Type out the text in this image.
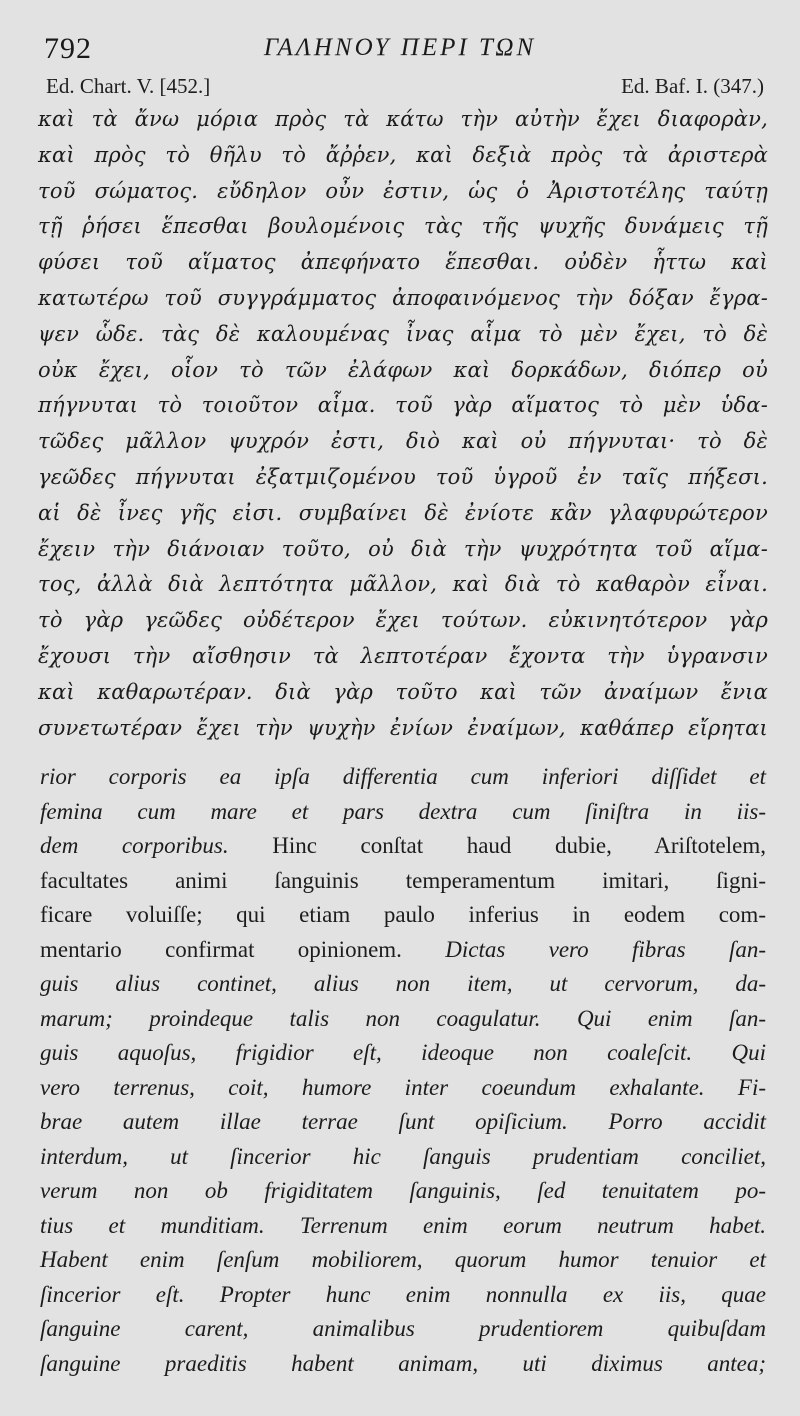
792	ΓΑΛΗΝΟΥ ΠΕΡΙ ΤΩΝ
Ed. Chart. V. [452.]	Ed. Baf. I. (347.)
καὶ τὰ ἄνω μόρια πρὸς τὰ κάτω τὴν αὐτὴν ἔχει διαφορὰν,
καὶ πρὸς τὸ θῆλυ τὸ ἄῤῥεν, καὶ δεξιὰ πρὸς τὰ ἀριστερὰ
τοῦ σώματος. εὔδηλον οὖν ἐστιν, ὡς ὁ Ἀριστοτέλης ταύτῃ
τῇ ῥήσει ἕπεσθαι βουλομένοις τὰς τῆς ψυχῆς δυνάμεις τῇ
φύσει τοῦ αἵματος ἀπεφήνατο ἕπεσθαι. οὐδὲν ἧττω καὶ
κατωτέρω τοῦ συγγράμματος ἀποφαινόμενος τὴν δόξαν ἔγρα-
ψεν ὧδε. τὰς δὲ καλουμένας ἶνας αἷμα τὸ μὲν ἔχει, τὸ δὲ
οὐκ ἔχει, οἷον τὸ τῶν ἐλάφων καὶ δορκάδων, διόπερ οὐ
πήγνυται τὸ τοιοῦτον αἷμα. τοῦ γὰρ αἵματος τὸ μὲν ὑδα-
τῶδες μᾶλλον ψυχρόν ἐστι, διὸ καὶ οὐ πήγνυται· τὸ δὲ
γεῶδες πήγνυται ἐξατμιζομένου τοῦ ὑγροῦ ἐν ταῖς πήξεσι.
αἱ δὲ ἶνες γῆς εἰσι. συμβαίνει δὲ ἐνίοτε κἂν γλαφυρώτερον
ἔχειν τὴν διάνοιαν τοῦτο, οὐ διὰ τὴν ψυχρότητα τοῦ αἵμα-
τος, ἀλλὰ διὰ λεπτότητα μᾶλλον, καὶ διὰ τὸ καθαρὸν εἶναι.
τὸ γὰρ γεῶδες οὐδέτερον ἔχει τούτων. εὐκινητότερον γὰρ
ἔχουσι τὴν αἴσθησιν τὰ λεπτοτέραν ἔχοντα τὴν ὑγρανσιν
καὶ καθαρωτέραν. διὰ γὰρ τοῦτο καὶ τῶν ἀναίμων ἔνια
συνετωτέραν ἔχει τὴν ψυχὴν ἐνίων ἐναίμων, καθάπερ εἴρηται
rior corporis ea ipſa differentia cum inferiori diſſidet et
femina cum mare et pars dextra cum ſiniſtra in iis-
dem corporibus. Hinc conſtat haud dubie, Ariſtotelem,
facultates animi ſanguinis temperamentum imitari, ſigni-
ficare voluiſſe; qui etiam paulo inferius in eodem com-
mentario confirmat opinionem. Dictas vero fibras ſan-
guis alius continet, alius non item, ut cervorum, da-
marum; proindeque talis non coagulatur. Qui enim ſan-
guis aquoſus, frigidior eſt, ideoque non coaleſcit. Qui
vero terrenus, coit, humore inter coeundum exhalante. Fi-
brae autem illae terrae ſunt opiſicium. Porro accidit
interdum, ut ſincerior hic ſanguis prudentiam conciliet,
verum non ob frigiditatem ſanguinis, ſed tenuitatem po-
tius et munditiam. Terrenum enim eorum neutrum habet.
Habent enim ſenſum mobiliorem, quorum humor tenuior et
ſincerior eſt. Propter hunc enim nonnulla ex iis, quae
ſanguine carent, animalibus prudentiorem quibuſdam
ſanguine praeditis habent animam, uti diximus antea;
